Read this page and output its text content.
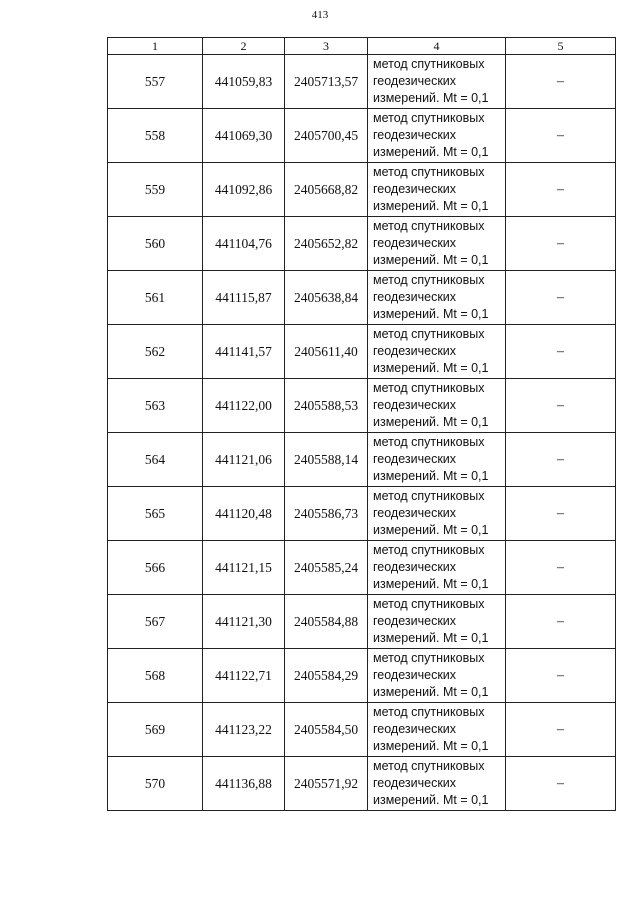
413
1	2	3	4	5
557	441059,83	2405713,57	метод спутниковых
геодезических
измерений. Mt = 0,1	–
558	441069,30	2405700,45	метод спутниковых
геодезических
измерений. Mt = 0,1	–
559	441092,86	2405668,82	метод спутниковых
геодезических
измерений. Mt = 0,1	–
560	441104,76	2405652,82	метод спутниковых
геодезических
измерений. Mt = 0,1	–
561	441115,87	2405638,84	метод спутниковых
геодезических
измерений. Mt = 0,1	–
562	441141,57	2405611,40	метод спутниковых
геодезических
измерений. Mt = 0,1	–
563	441122,00	2405588,53	метод спутниковых
геодезических
измерений. Mt = 0,1	–
564	441121,06	2405588,14	метод спутниковых
геодезических
измерений. Mt = 0,1	–
565	441120,48	2405586,73	метод спутниковых
геодезических
измерений. Mt = 0,1	–
566	441121,15	2405585,24	метод спутниковых
геодезических
измерений. Mt = 0,1	–
567	441121,30	2405584,88	метод спутниковых
геодезических
измерений. Mt = 0,1	–
568	441122,71	2405584,29	метод спутниковых
геодезических
измерений. Mt = 0,1	–
569	441123,22	2405584,50	метод спутниковых
геодезических
измерений. Mt = 0,1	–
570	441136,88	2405571,92	метод спутниковых
геодезических
измерений. Mt = 0,1	–
